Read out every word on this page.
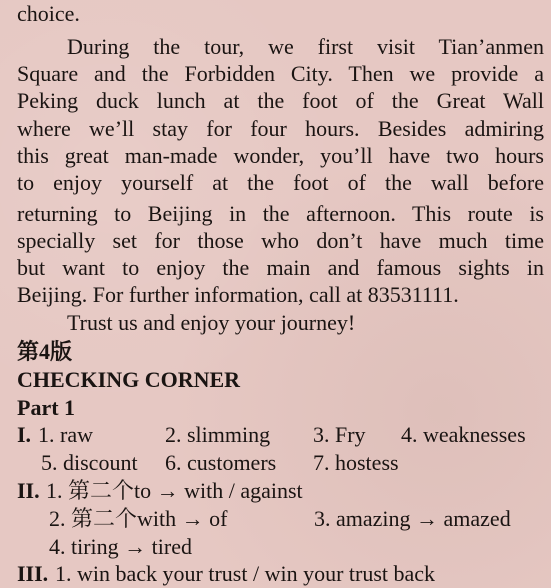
choice.
During the tour, we first visit Tian’anmen
Square and the Forbidden City. Then we provide a
Peking duck lunch at the foot of the Great Wall
where we’ll stay for four hours. Besides admiring
this great man-made wonder, you’ll have two hours
to enjoy yourself at the foot of the wall before
returning to Beijing in the afternoon. This route is
specially set for those who don’t have much time
but want to enjoy the main and famous sights in
Beijing. For further information, call at 83531111.
Trust us and enjoy your journey!
第4版
CHECKING CORNER
Part 1
I. 1. raw	2. slimming 3. Fry 4. weaknesses
5. discount 6. customers 7. hostess
II. 1. 第二个to → with / against
2. 第二个with → of	3. amazing → amazed
4. tiring → tired
III. 1. win back your trust / win your trust back
